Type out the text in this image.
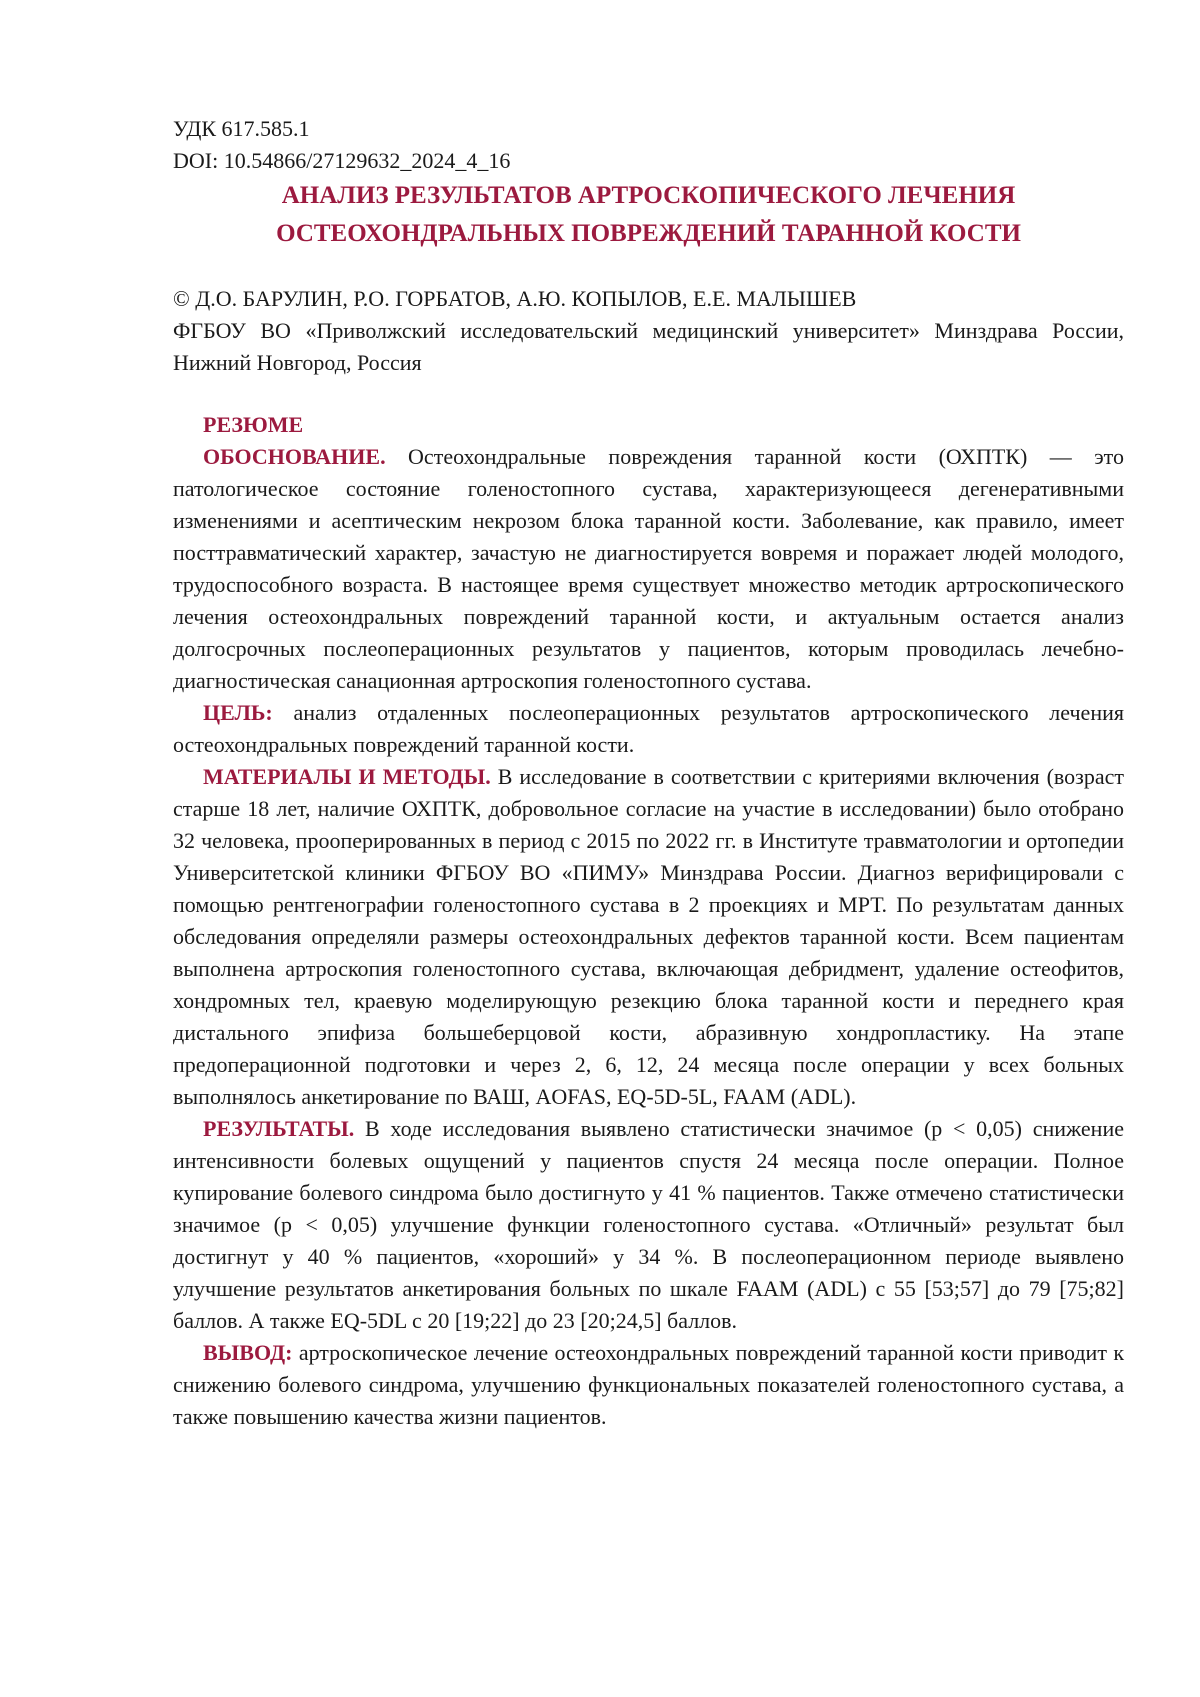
УДК 617.585.1

DOI: 10.54866/27129632_2024_4_16

АНАЛИЗ РЕЗУЛЬТАТОВ АРТРОСКОПИЧЕСКОГО ЛЕЧЕНИЯ

ОСТЕОХОНДРАЛЬНЫХ ПОВРЕЖДЕНИЙ ТАРАННОЙ КОСТИ

© Д.О. БАРУЛИН, Р.О. ГОРБАТОВ, А.Ю. КОПЫЛОВ, Е.Е. МАЛЫШЕВ

ФГБОУ ВО «Приволжский исследовательский медицинский университет» Минздрава России, Нижний Новгород, Россия

РЕЗЮМЕ

ОБОСНОВАНИЕ. Остеохондральные повреждения таранной кости (ОХПТК) — это патологическое состояние голеностопного сустава, характеризующееся дегенеративными изменениями и асептическим некрозом блока таранной кости. Заболевание, как правило, имеет посттравматический характер, зачастую не диагностируется вовремя и поражает людей молодого, трудоспособного возраста. В настоящее время существует множество методик артроскопического лечения остеохондральных повреждений таранной кости, и актуальным остается анализ долгосрочных послеоперационных результатов у пациентов, которым проводилась лечебно-диагностическая санационная артроскопия голеностопного сустава.

ЦЕЛЬ: анализ отдаленных послеоперационных результатов артроскопического лечения остеохондральных повреждений таранной кости.

МАТЕРИАЛЫ И МЕТОДЫ. В исследование в соответствии с критериями включения (возраст старше 18 лет, наличие ОХПТК, добровольное согласие на участие в исследовании) было отобрано 32 человека, прооперированных в период с 2015 по 2022 гг. в Институте травматологии и ортопедии Университетской клиники ФГБОУ ВО «ПИМУ» Минздрава России. Диагноз верифицировали с помощью рентгенографии голеностопного сустава в 2 проекциях и МРТ. По результатам данных обследования определяли размеры остеохондральных дефектов таранной кости. Всем пациентам выполнена артроскопия голеностопного сустава, включающая дебридмент, удаление остеофитов, хондромных тел, краевую моделирующую резекцию блока таранной кости и переднего края дистального эпифиза большеберцовой кости, абразивную хондропластику. На этапе предоперационной подготовки и через 2, 6, 12, 24 месяца после операции у всех больных выполнялось анкетирование по ВАШ, AOFAS, EQ-5D-5L, FAAM (ADL).

РЕЗУЛЬТАТЫ. В ходе исследования выявлено статистически значимое (p < 0,05) снижение интенсивности болевых ощущений у пациентов спустя 24 месяца после операции. Полное купирование болевого синдрома было достигнуто у 41 % пациентов. Также отмечено статистически значимое (p < 0,05) улучшение функции голеностопного сустава. «Отличный» результат был достигнут у 40 % пациентов, «хороший» у 34 %. В послеоперационном периоде выявлено улучшение результатов анкетирования больных по шкале FAAM (ADL) с 55 [53;57] до 79 [75;82] баллов. А также EQ-5DL с 20 [19;22] до 23 [20;24,5] баллов.

ВЫВОД: артроскопическое лечение остеохондральных повреждений таранной кости приводит к снижению болевого синдрома, улучшению функциональных показателей голеностопного сустава, а также повышению качества жизни пациентов.
